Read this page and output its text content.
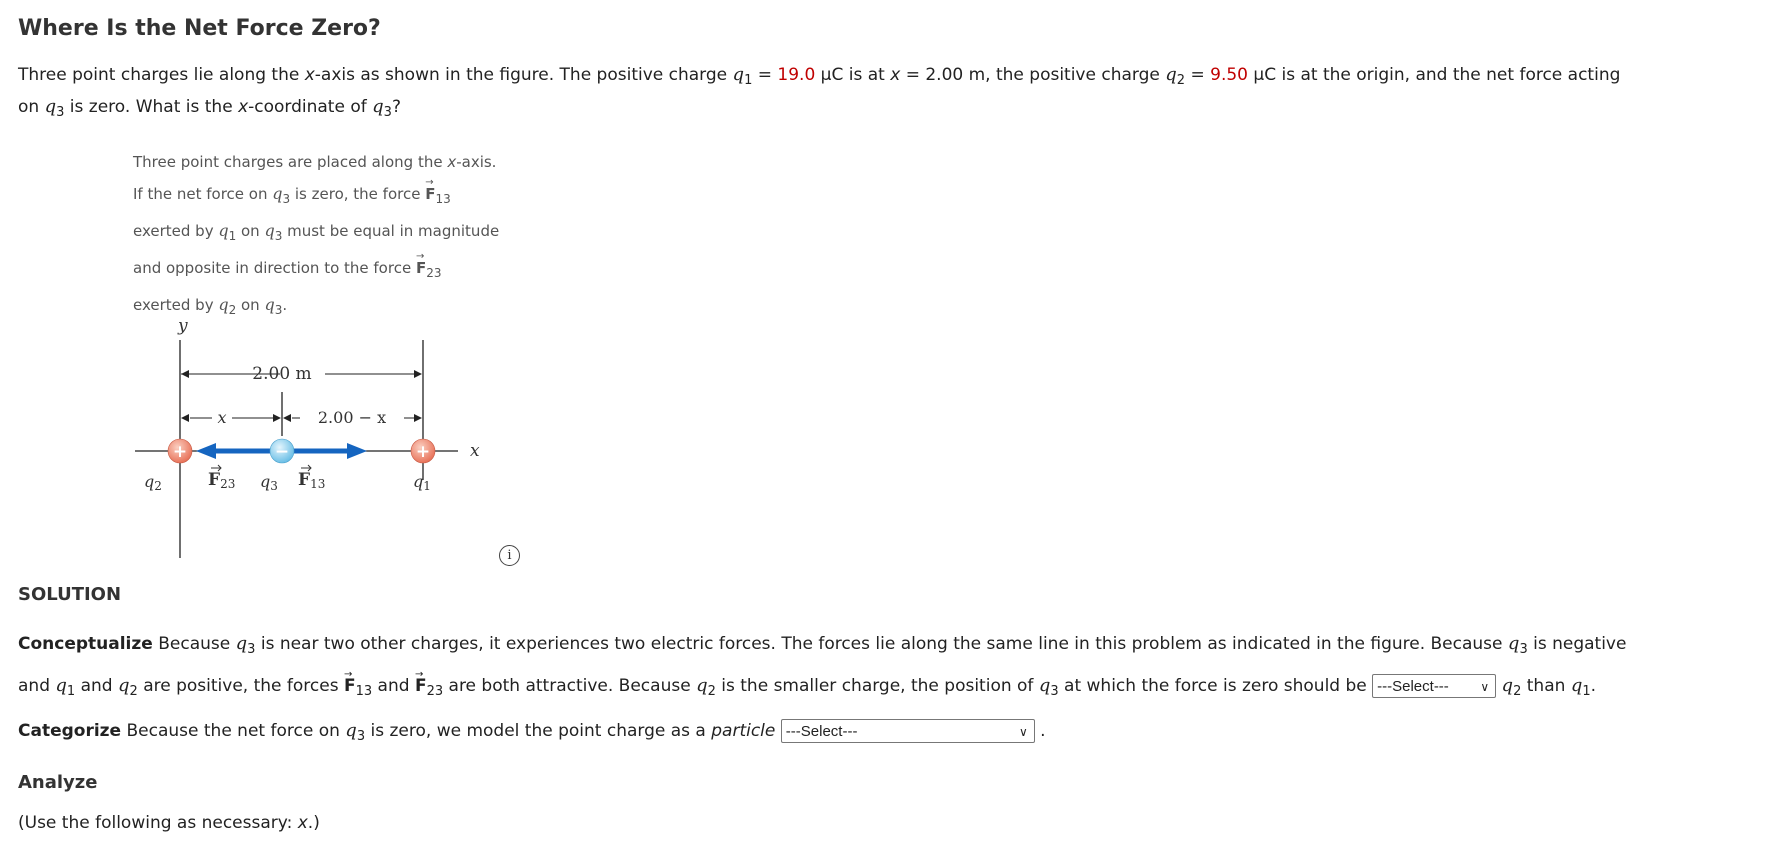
Where Is the Net Force Zero?

Three point charges lie along the x-axis as shown in the figure. The positive charge $q_1 = 19.0$ μC is at x = 2.00 m, the positive charge $q_2 = 9.50$ μC is at the origin, and the net force acting
on $q_3$ is zero. What is the x-coordinate of $q_3$?

Three point charges are placed along the x-axis.
If the net force on $q_3$ is zero, the force → $F_{13}$
exerted by $q_1$ on $q_3$ must be equal in magnitude
and opposite in direction to the force → $F_{23}$
exerted by $q_2$ on $q_3$.

y
2.00 m
x	2.00 − x
x
+	−	+
q2	F23 q3 F13	q1
i

SOLUTION

Conceptualize Because $q_3$ is near two other charges, it experiences two electric forces. The forces lie along the same line in this problem as indicated in the figure. Because $q_3$ is negative
and $q_1$ and $q_2$ are positive, the forces → $F_{13}$ and → $F_{23}$ are both attractive. Because $q_2$ is the smaller charge, the position of $q_3$ at which the force is zero should be ---Select---	∨ $q_2$ than $q_1$.

Categorize Because the net force on $q_3$ is zero, we model the point charge as a particle ---Select---	∨ .

Analyze

(Use the following as necessary: x.)
